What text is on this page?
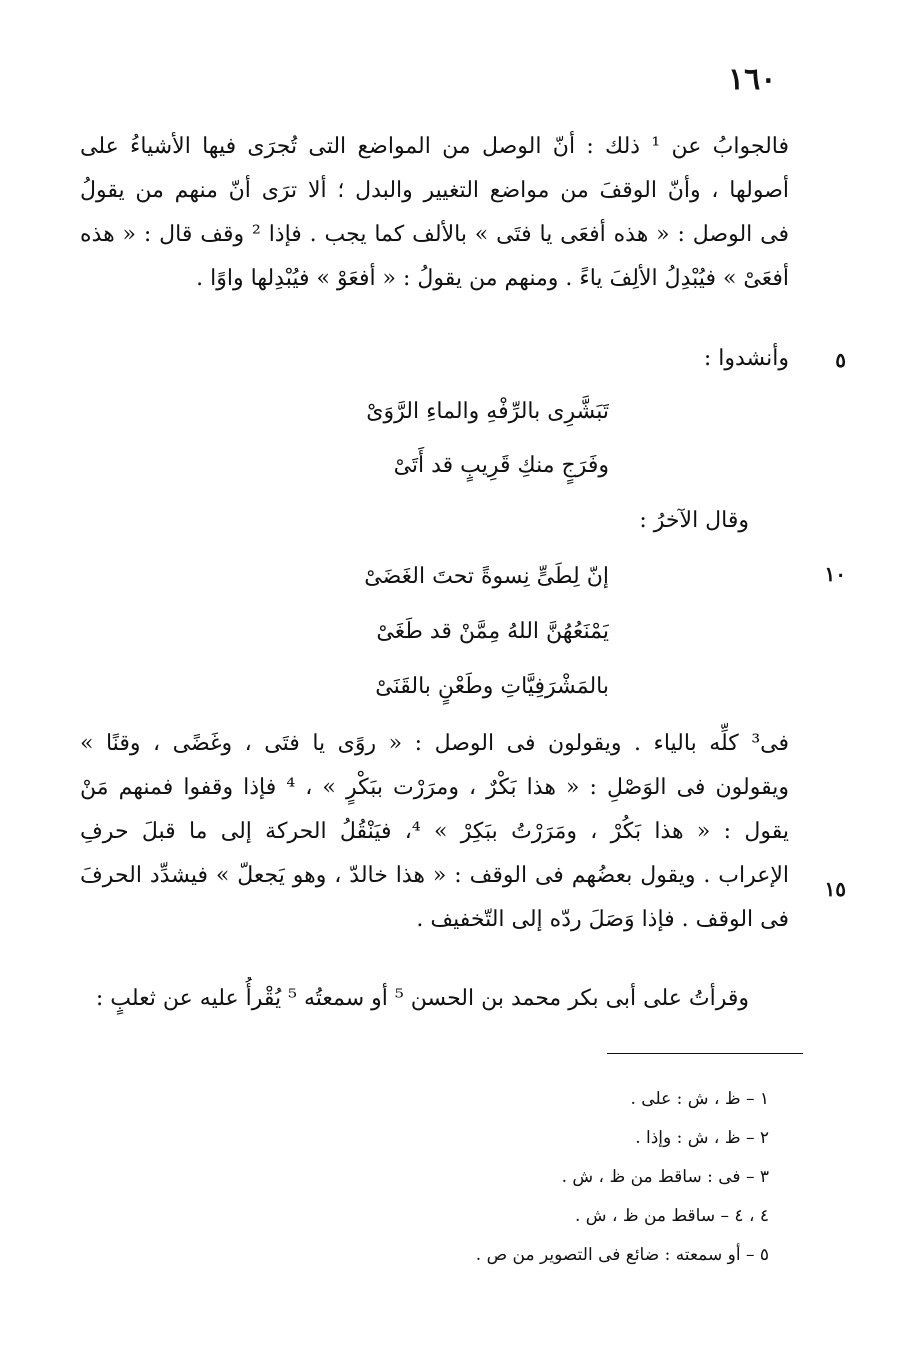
١٦٠
فالجوابُ عن ¹ ذلك : أنّ الوصل من المواضع التى تُجرَى فيها الأشياءُ على
أصولها ، وأنّ الوقفَ من مواضع التغيير والبدل ؛ ألا ترَى أنّ منهم من يقولُ
فى الوصل : « هذه أفعَى يا فتَى » بالألف كما يجب . فإذا ² وقف قال : « هذه
أفعَىْ » فيُبْدِلُ الألِفَ ياءً . ومنهم من يقولُ : « أفعَوْ » فيُبْدِلها واوًا .
٥
وأنشدوا :
تَبَشَّرِى بالرِّفْهِ والماءِ الرَّوَىْ
وفَرَجٍ منكِ قَرِيبٍ قد أَتَىْ
وقال الآخرُ :
١٠
إنّ لِطَىٍّ نِسوةً تحتَ الغَضَىْ
يَمْنَعُهُنَّ اللهُ مِمَّنْ قد طَغَىْ
بالمَشْرَفِيَّاتِ وطَعْنٍ بالقَنَىْ
فى³ كلِّه بالياء . ويقولون فى الوصل : « روًى يا فتَى ، وغَضًى ، وقنًا »
ويقولون فى الوَصْلِ : « هذا بَكْرٌ ، ومرَرْت ببَكْرٍ » ، ⁴ فإذا وقفوا فمنهم مَنْ
يقول : « هذا بَكُرْ ، ومَرَرْتُ ببَكِرْ » ⁴، فيَنْقُلُ الحركة إلى ما قبلَ حرفِ
الإعراب . ويقول بعضُهم فى الوقف : « هذا خالدّ ، وهو يَجعلّ » فيشدِّد الحرفَ
فى الوقف . فإذا وَصَلَ ردّه إلى التّخفيف .
١٥
وقرأتُ على أبى بكر محمد بن الحسن ⁵ أو سمعتُه ⁵ يُقْرأُ عليه عن ثعلبٍ :
١ – ظ ، ش : على .
٢ – ظ ، ش : وإذا .
٣ – فى : ساقط من ظ ، ش .
٤ ، ٤ – ساقط من ظ ، ش .
٥ – أو سمعته : ضائع فى التصوير من ص .
